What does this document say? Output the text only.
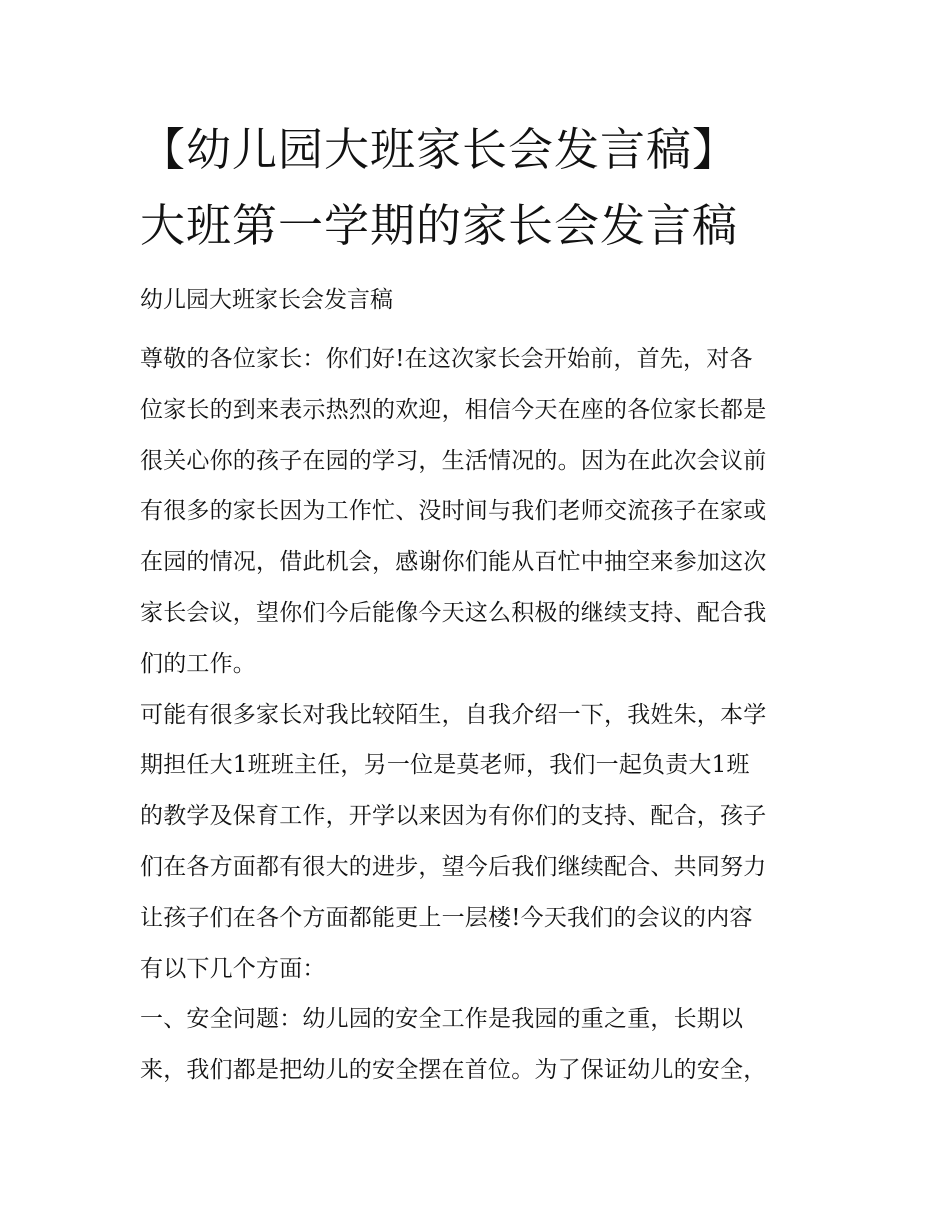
【幼儿园大班家长会发言稿】
大班第一学期的家长会发言稿

幼儿园大班家长会发言稿

尊敬的各位家长：你们好!在这次家长会开始前，首先，对各
位家长的到来表示热烈的欢迎，相信今天在座的各位家长都是
很关心你的孩子在园的学习，生活情况的。因为在此次会议前
有很多的家长因为工作忙、没时间与我们老师交流孩子在家或
在园的情况，借此机会，感谢你们能从百忙中抽空来参加这次
家长会议，望你们今后能像今天这么积极的继续支持、配合我
们的工作。
可能有很多家长对我比较陌生，自我介绍一下，我姓朱，本学
期担任大1班班主任，另一位是莫老师，我们一起负责大1班
的教学及保育工作，开学以来因为有你们的支持、配合，孩子
们在各方面都有很大的进步，望今后我们继续配合、共同努力
让孩子们在各个方面都能更上一层楼!今天我们的会议的内容
有以下几个方面：
一、安全问题：幼儿园的安全工作是我园的重之重，长期以
来，我们都是把幼儿的安全摆在首位。为了保证幼儿的安全，
